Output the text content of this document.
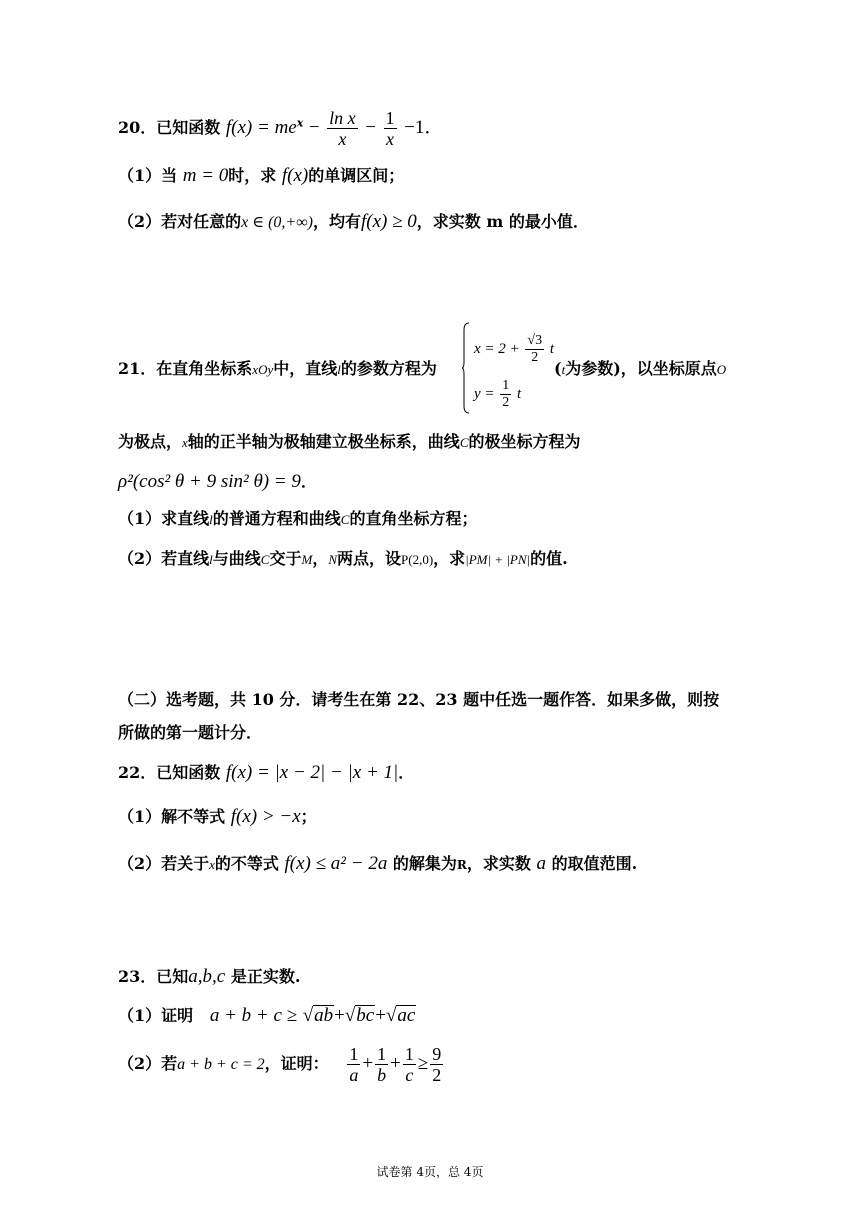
20．已知函数 $f(x) = me^x - \frac{\text{ln x}}{x} - \frac{1}{x} -1$．
（1）当 m = 0时，求 f(x)的单调区间；
（2）若对任意的x ∈ (0,+∞)，均有f(x) ≥ 0，求实数 m 的最小值．
21．在直角坐标系xOy中，直线l的参数方程为
$x = 2 + \frac{√3}{2}$ t
$y = \frac{1}{2}$ t
(t为参数)，以坐标原点O
为极点，x轴的正半轴为极轴建立极坐标系，曲线C的极坐标方程为
ρ²(cos² θ + 9 sin² θ) = 9．
（1）求直线l的普通方程和曲线C的直角坐标方程；
（2）若直线l与曲线C交于M，N两点，设P(2,0)，求|PM| + |PN|的值.
（二）选考题，共 10 分．请考生在第 22、23 题中任选一题作答．如果多做，则按
所做的第一题计分．
22．已知函数 f(x) = |x − 2| − |x + 1|．
（1）解不等式 f(x) > −x；
（2）若关于x的不等式 f(x) ≤ a² − 2a 的解集为R，求实数 a 的取值范围.
23．已知a,b,c 是正实数.
（1）证明 a + b + c ≥ √ab+√bc+√ac
（2）若a + b + c = 2，证明： $\frac{1}{a} + \frac{1}{b} + \frac{1}{c} \ge \frac{9}{2}$
试卷第 4页，总 4页
